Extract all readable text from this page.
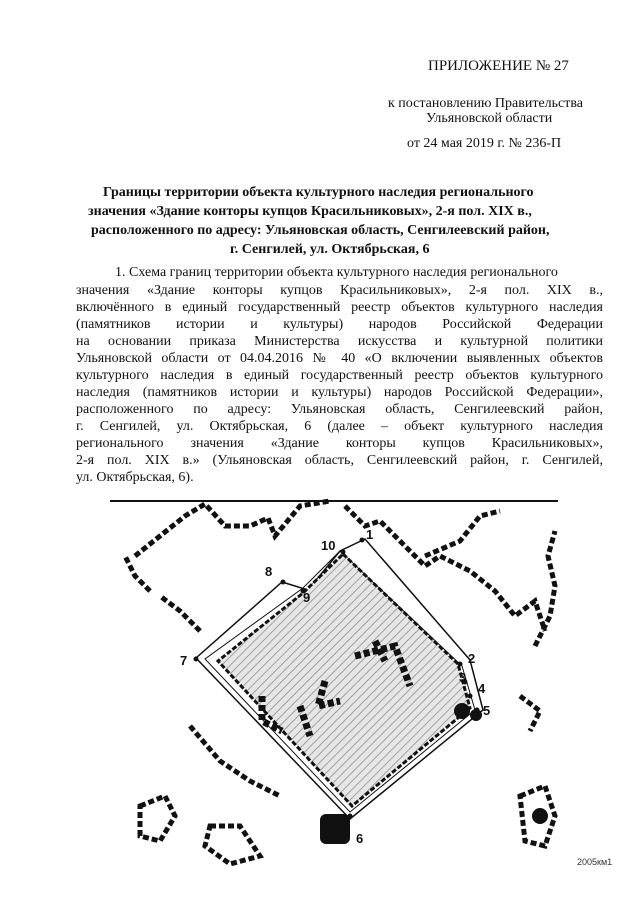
ПРИЛОЖЕНИЕ № 27
к постановлению Правительства
Ульяновской области
от 24 мая 2019 г. № 236-П
Границы территории объекта культурного наследия регионального
значения «Здание конторы купцов Красильниковых», 2-я пол. XIX в.,
расположенного по адресу: Ульяновская область, Сенгилеевский район,
г. Сенгилей, ул. Октябрьская, 6
1. Схема границ территории объекта культурного наследия регионального
значения «Здание конторы купцов Красильниковых», 2-я пол. XIX в.,
включённого в единый государственный реестр объектов культурного наследия
(памятников истории и культуры) народов Российской Федерации
на основании приказа Министерства искусства и культурной политики
Ульяновской области от 04.04.2016 № 40 «О включении выявленных объектов
культурного наследия в единый государственный реестр объектов культурного
наследия (памятников истории и культуры) народов Российской Федерации»,
расположенного по адресу: Ульяновская область, Сенгилеевский район,
г. Сенгилей, ул. Октябрьская, 6 (далее – объект культурного наследия
регионального значения «Здание конторы купцов Красильниковых»,
2-я пол. XIX в.» (Ульяновская область, Сенгилеевский район, г. Сенгилей,
ул. Октябрьская, 6).
1
2
3
4
5
6
7
8
9
10
2005км1
